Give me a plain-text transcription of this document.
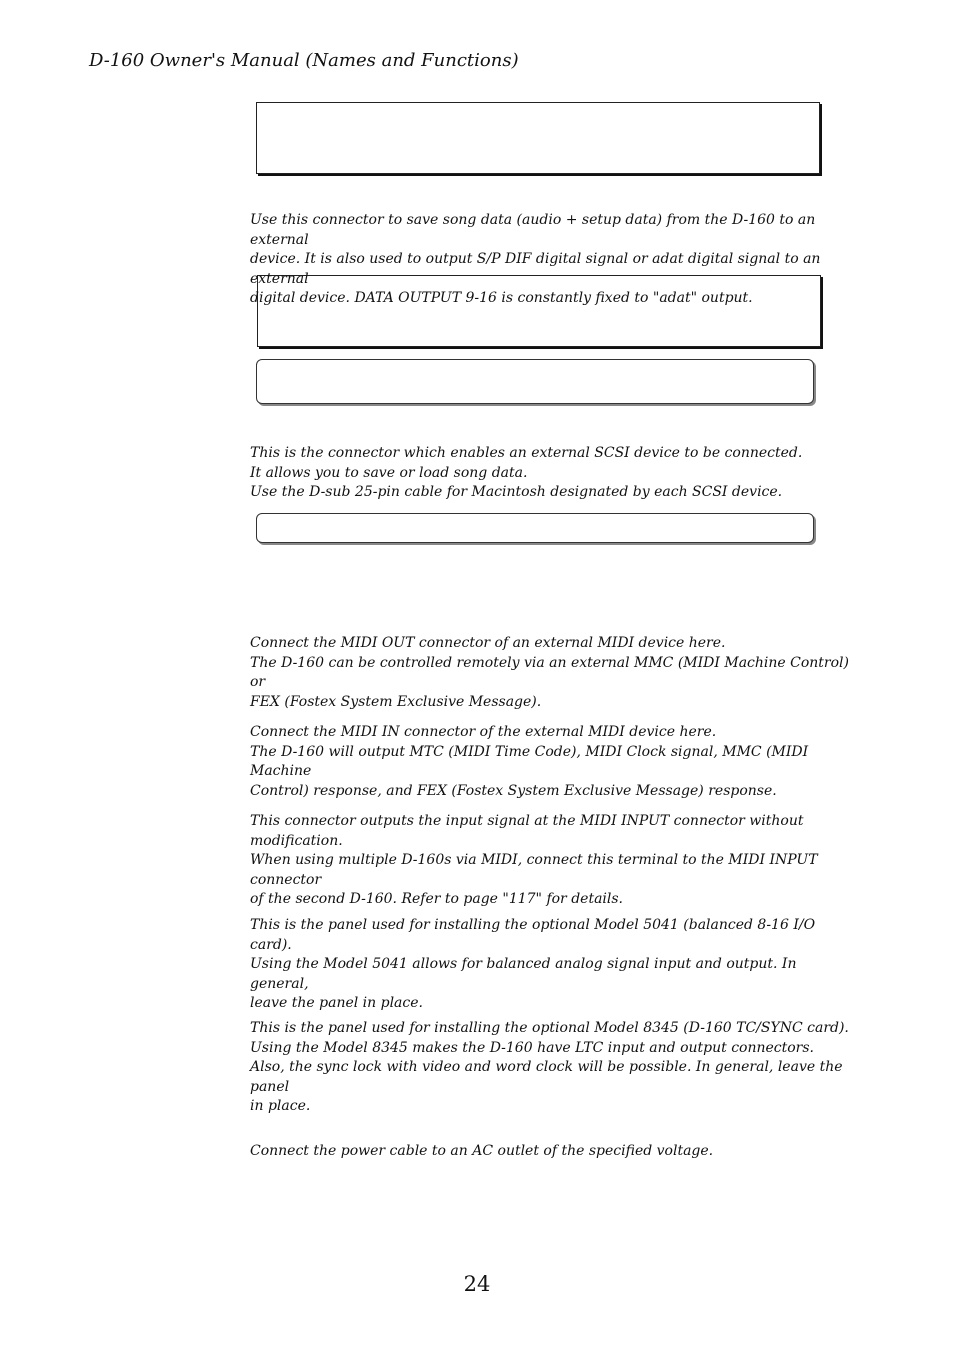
D-160 Owner's Manual (Names and Functions)

Use this connector to save song data (audio + setup data) from the D-160 to an external

device. It is also used to output S/P DIF digital signal or adat digital signal to an external

digital device. DATA OUTPUT 9-16 is constantly fixed to "adat" output.

This is the connector which enables an external SCSI device to be connected.

It allows you to save or load song data.

Use the D-sub 25-pin cable for Macintosh designated by each SCSI device.

Connect the MIDI OUT connector of an external MIDI device here.

The D-160 can be controlled remotely via an external MMC (MIDI Machine Control) or

FEX (Fostex System Exclusive Message).

Connect the MIDI IN connector of the external MIDI device here.

The D-160 will output MTC (MIDI Time Code), MIDI Clock signal, MMC (MIDI Machine

Control) response, and FEX (Fostex System Exclusive Message) response.

This connector outputs the input signal at the MIDI INPUT connector without modification.

When using multiple D-160s via MIDI, connect this terminal to the MIDI INPUT connector

of the second D-160. Refer to page "117" for details.

This is the panel used for installing the optional Model 5041 (balanced 8-16 I/O card).

Using the Model 5041 allows for balanced analog signal input and output. In general,

leave the panel in place.

This is the panel used for installing the optional Model 8345 (D-160 TC/SYNC card).

Using the Model 8345 makes the D-160 have LTC input and output connectors.

Also, the sync lock with video and word clock will be possible. In general, leave the panel

in place.

Connect the power cable to an AC outlet of the specified voltage.

24
